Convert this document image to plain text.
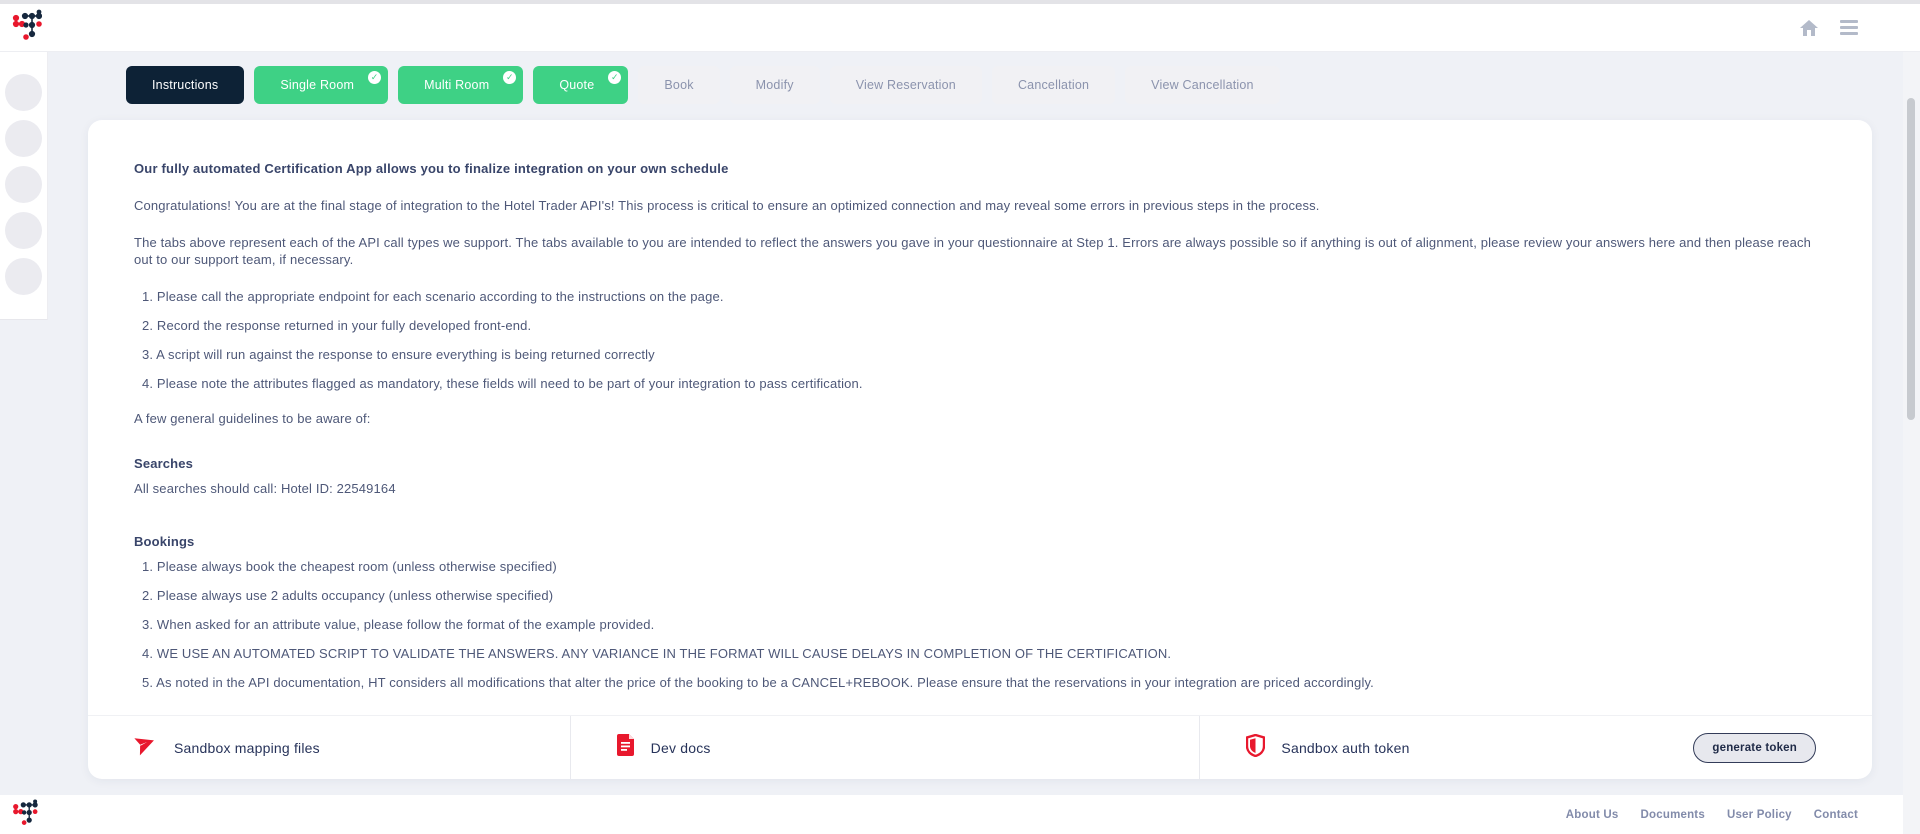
Instructions	Single Room
✓	Multi Room
✓	Quote
✓	Book	Modify	View Reservation	Cancellation	View Cancellation

Our fully automated Certification App allows you to finalize integration on your own schedule

Congratulations! You are at the final stage of integration to the Hotel Trader API's! This process is critical to ensure an optimized connection and may reveal some errors in previous steps in the process.

The tabs above represent each of the API call types we support. The tabs available to you are intended to reflect the answers you gave in your questionnaire at Step 1. Errors are always possible so if anything is out of alignment, please review your answers here and then please reach out to our support team, if necessary.

1. Please call the appropriate endpoint for each scenario according to the instructions on the page.

2. Record the response returned in your fully developed front-end.

3. A script will run against the response to ensure everything is being returned correctly

4. Please note the attributes flagged as mandatory, these fields will need to be part of your integration to pass certification.

A few general guidelines to be aware of:

Searches

All searches should call: Hotel ID: 22549164

Bookings

1. Please always book the cheapest room (unless otherwise specified)

2. Please always use 2 adults occupancy (unless otherwise specified)

3. When asked for an attribute value, please follow the format of the example provided.

4. WE USE AN AUTOMATED SCRIPT TO VALIDATE THE ANSWERS. ANY VARIANCE IN THE FORMAT WILL CAUSE DELAYS IN COMPLETION OF THE CERTIFICATION.

5. As noted in the API documentation, HT considers all modifications that alter the price of the booking to be a CANCEL+REBOOK. Please ensure that the reservations in your integration are priced accordingly.

Sandbox mapping files	Dev docs	Sandbox auth token	generate token
About Us Documents User Policy Contact
